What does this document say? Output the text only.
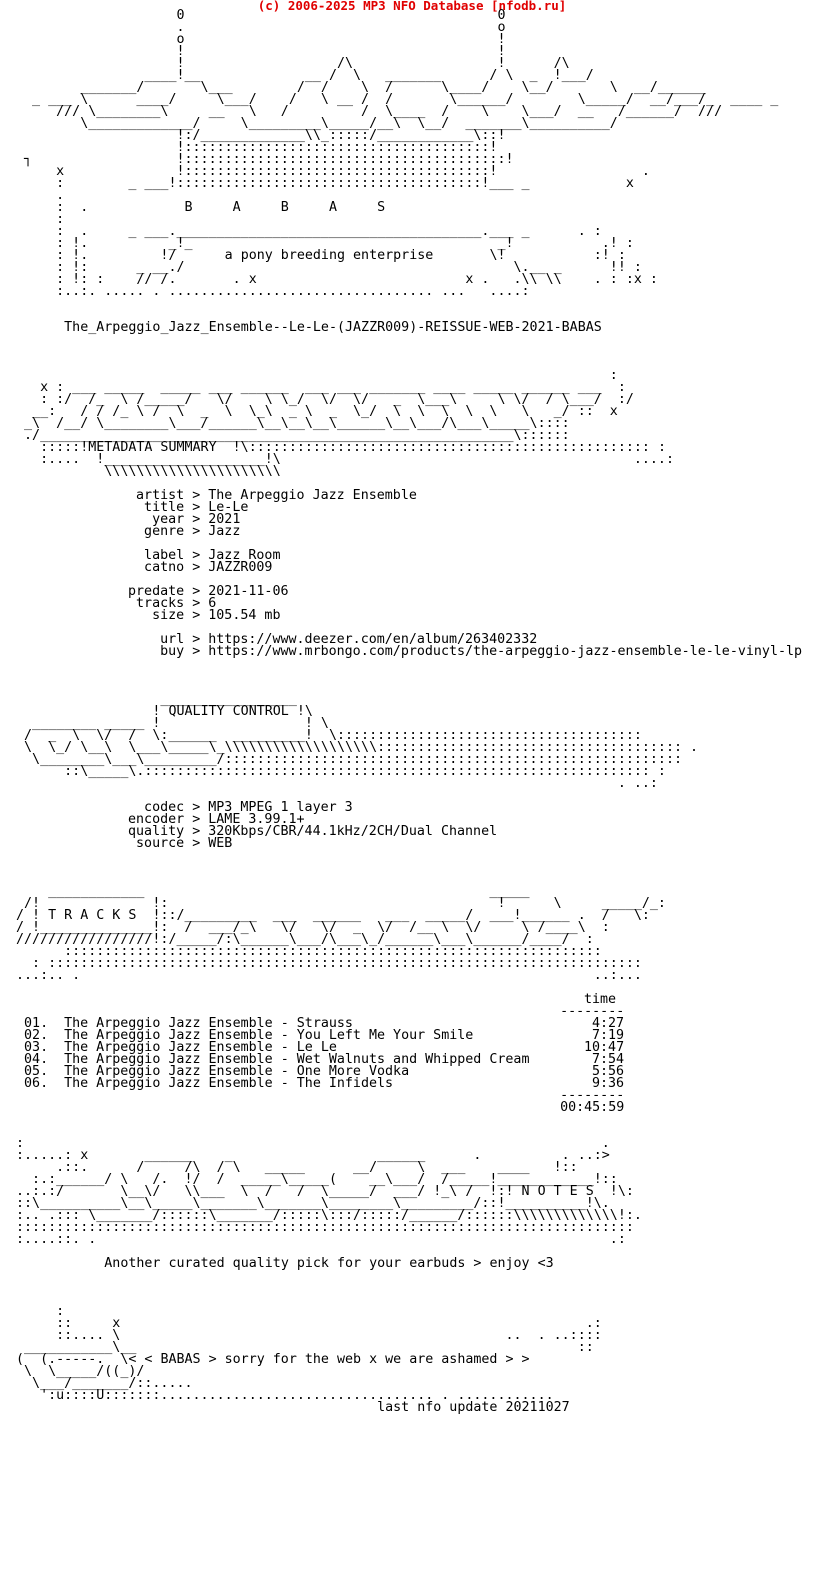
(c) 2006-2025 MP3 NFO Database [nfodb.ru]
0                                       0
.                                       o
o                                       !
!                                       !
!                   /\                  !      /\
____!__             __ /  \   _______      / \  _  !___/
_______/       \___        /  /    \  /      \____/    \__/       \  __/______
_ ___ \      ____/     \___/    /   \ __ /  /       \______/        \_____/  __/___/_  ____ _
/// \________\     __   \   /         /  \____  /    \    \___/  __   /______/  ///
\_____________/     \_________\_____/__\  \__/  _______\__________/
!:/_____________\\_:::::/____________\::!
!::::::::::::::::::::::::::::::::::::::!
┐                  !::::::::::::::::::::::::::::::::::::::::!
x              !::::::::::::::::::::::::::::::::::::::!                  .
:        _ ___!::::::::::::::::::::::::::::::::::::::!___ _            x
.
:  .	B     A     B     A     S
:
:  .     _ ___.______________________________________.___ _      . :
: !.          _!_                                      _!           .! :
: !.         !/	a pony breeding enterprise	\!           :! :
: !:      _ __./                                         \.__ _      !! :
: !: :    // /.       . x                          x .   .\\ \\    . : :x :
:..:. ..... . ................................. ...   ....:

The_Arpeggio_Jazz_Ensemble--Le-Le-(JAZZR009)-REISSUE-WEB-2021-BABAS

:
x : ___ _____  _____ ___ ______  ___ ___ _______ ____ _____ ______ ___  :
: :/  /_  \ /_____/   \/    \ \_/  \/  \/   _  \___\     \ \/  / \___/  :/
__:   / / /_ \ /  \  _  \  \_\  _ \  _  \_/  \  \  \  \  \   \   _/ ::  x
_\  /__/ \________\___/______\__\__\__\______\__\___/\___\_____\::::
./___________________________________________________________\::::::
:::::!METADATA SUMMARY  !\:::::::::::::::::::::::::::::::::::::::::::::::::: :
:....  !____________________!\                                            ....:
\\\\\\\\\\\\\\\\\\\\\\

artist > The Arpeggio Jazz Ensemble
title > Le-Le
year > 2021
genre > Jazz

label > Jazz Room
catno > JAZZR009

predate > 2021-11-06
tracks > 6
size > 105.54 mb

url > https://www.deezer.com/en/album/263402332
buy > https://www.mrbongo.com/products/the-arpeggio-jazz-ensemble-le-le-vinyl-lp

_________________
! QUALITY CONTROL !\
________ _____ !                  ! \
/  _  \  \/  /  \:______  _________!  \::::::::::::::::::::::::::::::::::::::
\  \_/ \__\  \___\_____\_\\\\\\\\\\\\\\\\\\\:::::::::::::::::::::::::::::::::::::: .
\________\___\_________/:::::::::::::::::::::::::::::::::::::::::::::::::::::::::
::\_____\.::::::::::::::::::::::::::::::::::::::::::::::::::::::::::::::: :
. ..:

codec > MP3 MPEG 1 layer 3
encoder > LAME 3.99.1+
quality > 320Kbps/CBR/44.1kHz/2CH/Dual Channel
source > WEB

____________                                           _____
/!              !:                                         !      \     _____/_:
/ ! T R A C K S  !::/_________  ___  ______   ___  _____/  ___!______ .  /   \:
/ !______________!:  /  ___/_\   \/   \/  _  \/  /__ \  \/     \ /____\  :
/////////////////!:/_____/:\______\___/\___\_/______\___\______/____/  :
:::::::::::::::::::::::::::::::::::::::::::::::::::::::::::::::::::
: ::::::::::::::::::::::::::::::::::::::::::::::::::::::::::::::::::::::::::
...:.. .                                                                ..:...

time
--------
01. The Arpeggio Jazz Ensemble - Strauss	4:27
02. The Arpeggio Jazz Ensemble - You Left Me Your Smile	7:19
03. The Arpeggio Jazz Ensemble - Le Le	10:47
04. The Arpeggio Jazz Ensemble - Wet Walnuts and Whipped Cream	7:54
05. The Arpeggio Jazz Ensemble - One More Vodka	5:56
06. The Arpeggio Jazz Ensemble - The Infidels	9:36
--------
00:45:59

:                                                                        .
:.....: x       ______    _                  ______      .          . ..:>
.::.      /     /\  / \   _____      __/     \  ___    ____   !::
:.:______/ \   /.  !/  /  _____\_____(    __\___/  /_____!____________!::
..:.:/       \__\/   \\___  \  /   /  \_____/  ___/ !_\ /  !:! N O T E S  !\:
::\__________\__\_____\_______\_______\________\_________/::!__________!\.
:.. .::: \_______/::::::\_______/:::::\:::/:::::/______/::::::\\\\\\\\\\\\\!:.
:::::::::::::::::::::::::::::::::::::::::::::::::::::::::::::::::::::::::::::
:....::. .                                                                .:

Another curated quality pick for your earbuds > enjoy <3

:
::     x                                                          .:
::.... \                                                ..  . ..::::
___________\__                                                       ::
(  (.-----.  \< < BABAS > sorry for the web x we are ashamed > >
\  \_____/((_)/
\___/_______/::.....
':u::::U:::::::.................................. . ............

last nfo update 20211027
